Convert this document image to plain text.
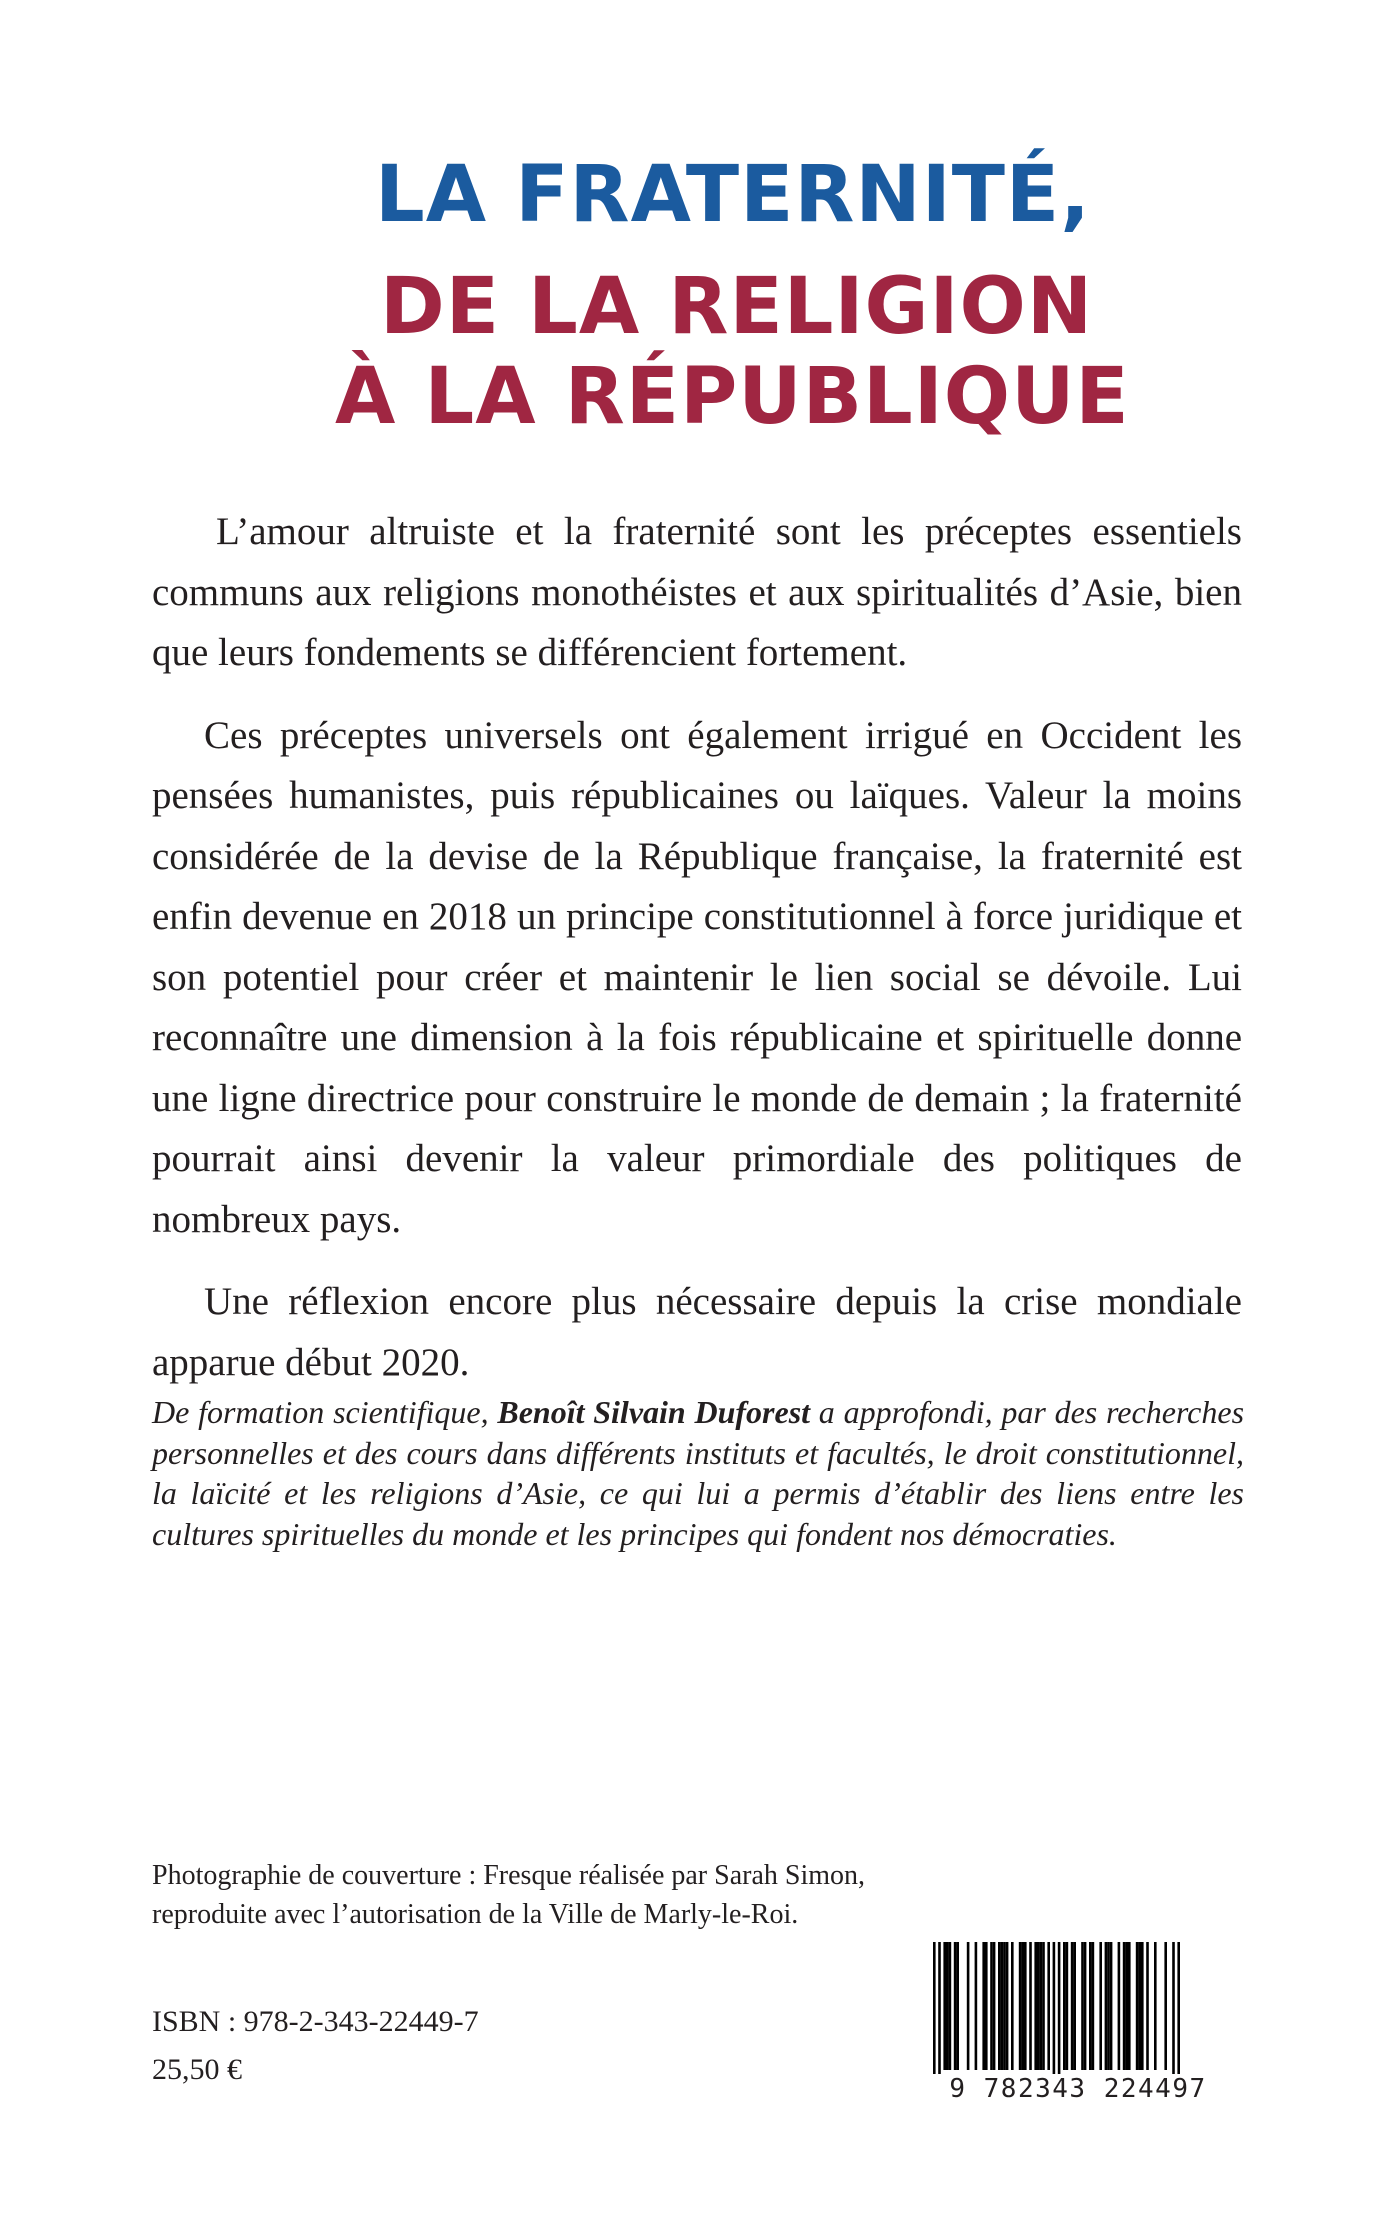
LA FRATERNITÉ,
DE LA RELIGION
À LA RÉPUBLIQUE

L’amour altruiste et la fraternité sont les préceptes essentiels communs aux religions monothéistes et aux spiritualités d’Asie, bien que leurs fondements se différencient fortement.

Ces préceptes universels ont également irrigué en Occident les pensées humanistes, puis républicaines ou laïques. Valeur la moins considérée de la devise de la République française, la fraternité est enfin devenue en 2018 un principe constitutionnel à force juridique et son potentiel pour créer et maintenir le lien social se dévoile. Lui reconnaître une dimension à la fois républicaine et spirituelle donne une ligne directrice pour construire le monde de demain ; la fraternité pourrait ainsi devenir la valeur primordiale des politiques de nombreux pays.

Une réflexion encore plus nécessaire depuis la crise mondiale apparue début 2020.

De formation scientifique, Benoît Silvain Duforest a approfondi, par des recherches personnelles et des cours dans différents instituts et facultés, le droit constitutionnel, la laïcité et les religions d’Asie, ce qui lui a permis d’établir des liens entre les cultures spirituelles du monde et les principes qui fondent nos démocraties.

Photographie de couverture : Fresque réalisée par Sarah Simon,
reproduite avec l’autorisation de la Ville de Marly-le-Roi.

ISBN : 978-2-343-22449-7
25,50 €
9 782343 224497
